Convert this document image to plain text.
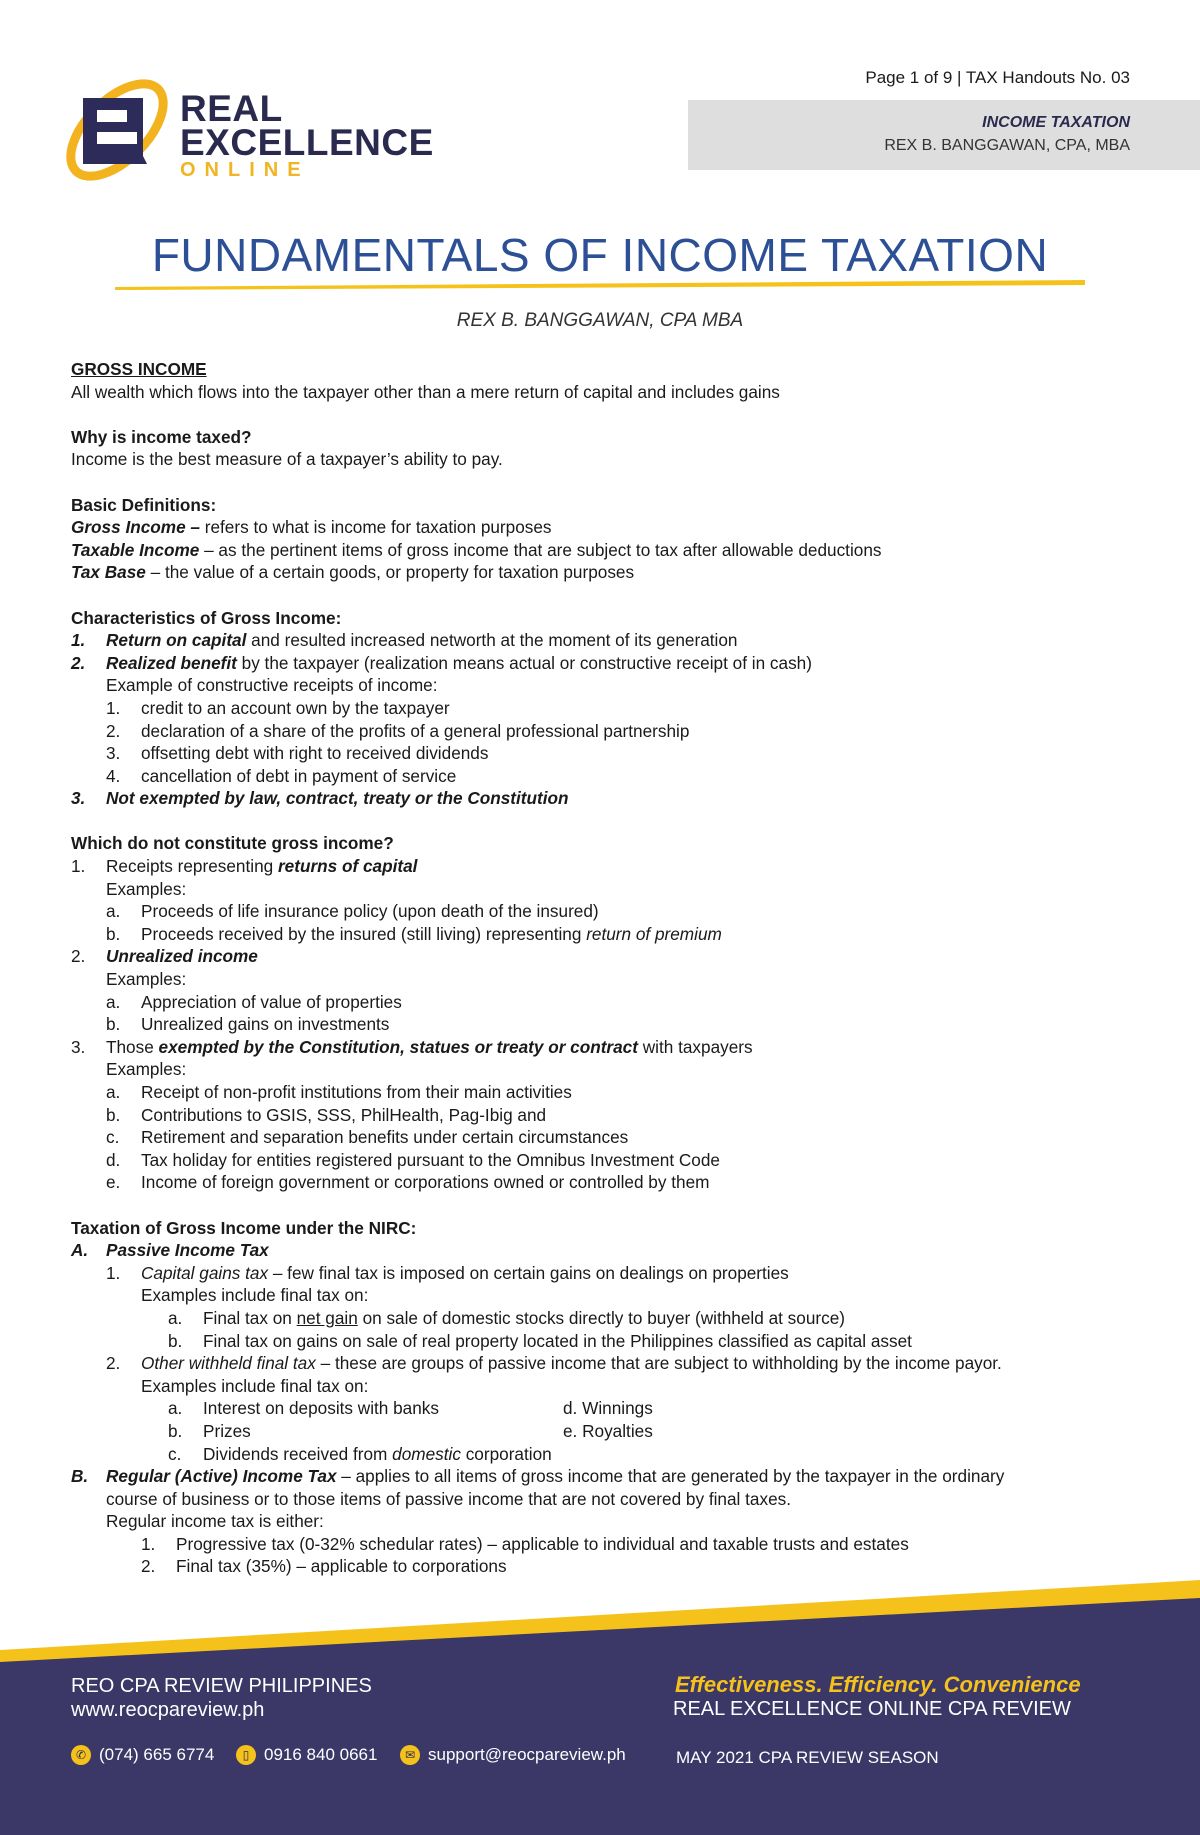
REAL
EXCELLENCE
ONLINE
Page 1 of 9 | TAX Handouts No. 03
INCOME TAXATION
REX B. BANGGAWAN, CPA, MBA
FUNDAMENTALS OF INCOME TAXATION
REX B. BANGGAWAN, CPA MBA
GROSS INCOME
All wealth which flows into the taxpayer other than a mere return of capital and includes gains
Why is income taxed?
Income is the best measure of a taxpayer’s ability to pay.
Basic Definitions:
Gross Income – refers to what is income for taxation purposes
Taxable Income – as the pertinent items of gross income that are subject to tax after allowable deductions
Tax Base – the value of a certain goods, or property for taxation purposes
Characteristics of Gross Income:
1. Return on capital and resulted increased networth at the moment of its generation
2. Realized benefit by the taxpayer (realization means actual or constructive receipt of in cash)
Example of constructive receipts of income:
1. credit to an account own by the taxpayer
2. declaration of a share of the profits of a general professional partnership
3. offsetting debt with right to received dividends
4. cancellation of debt in payment of service
3. Not exempted by law, contract, treaty or the Constitution
Which do not constitute gross income?
1. Receipts representing returns of capital
Examples:
a. Proceeds of life insurance policy (upon death of the insured)
b. Proceeds received by the insured (still living) representing return of premium
2. Unrealized income
Examples:
a. Appreciation of value of properties
b. Unrealized gains on investments
3. Those exempted by the Constitution, statues or treaty or contract with taxpayers
Examples:
a. Receipt of non-profit institutions from their main activities
b. Contributions to GSIS, SSS, PhilHealth, Pag-Ibig and
c. Retirement and separation benefits under certain circumstances
d. Tax holiday for entities registered pursuant to the Omnibus Investment Code
e. Income of foreign government or corporations owned or controlled by them
Taxation of Gross Income under the NIRC:
A. Passive Income Tax
1. Capital gains tax – few final tax is imposed on certain gains on dealings on properties
Examples include final tax on:
a. Final tax on net gain on sale of domestic stocks directly to buyer (withheld at source)
b. Final tax on gains on sale of real property located in the Philippines classified as capital asset
2. Other withheld final tax – these are groups of passive income that are subject to withholding by the income payor.
Examples include final tax on:
a. Interest on deposits with banks	d. Winnings
b. Prizes	e. Royalties
c. Dividends received from domestic corporation
B. Regular (Active) Income Tax – applies to all items of gross income that are generated by the taxpayer in the ordinary
course of business or to those items of passive income that are not covered by final taxes.
Regular income tax is either:
1. Progressive tax (0-32% schedular rates) – applicable to individual and taxable trusts and estates
2. Final tax (35%) – applicable to corporations
REO CPA REVIEW PHILIPPINES
www.reocpareview.ph
Effectiveness. Efficiency. Convenience
REAL EXCELLENCE ONLINE CPA REVIEW
✆ (074) 665 6774	▯ 0916 840 0661	✉ support@reocpareview.ph	MAY 2021 CPA REVIEW SEASON
